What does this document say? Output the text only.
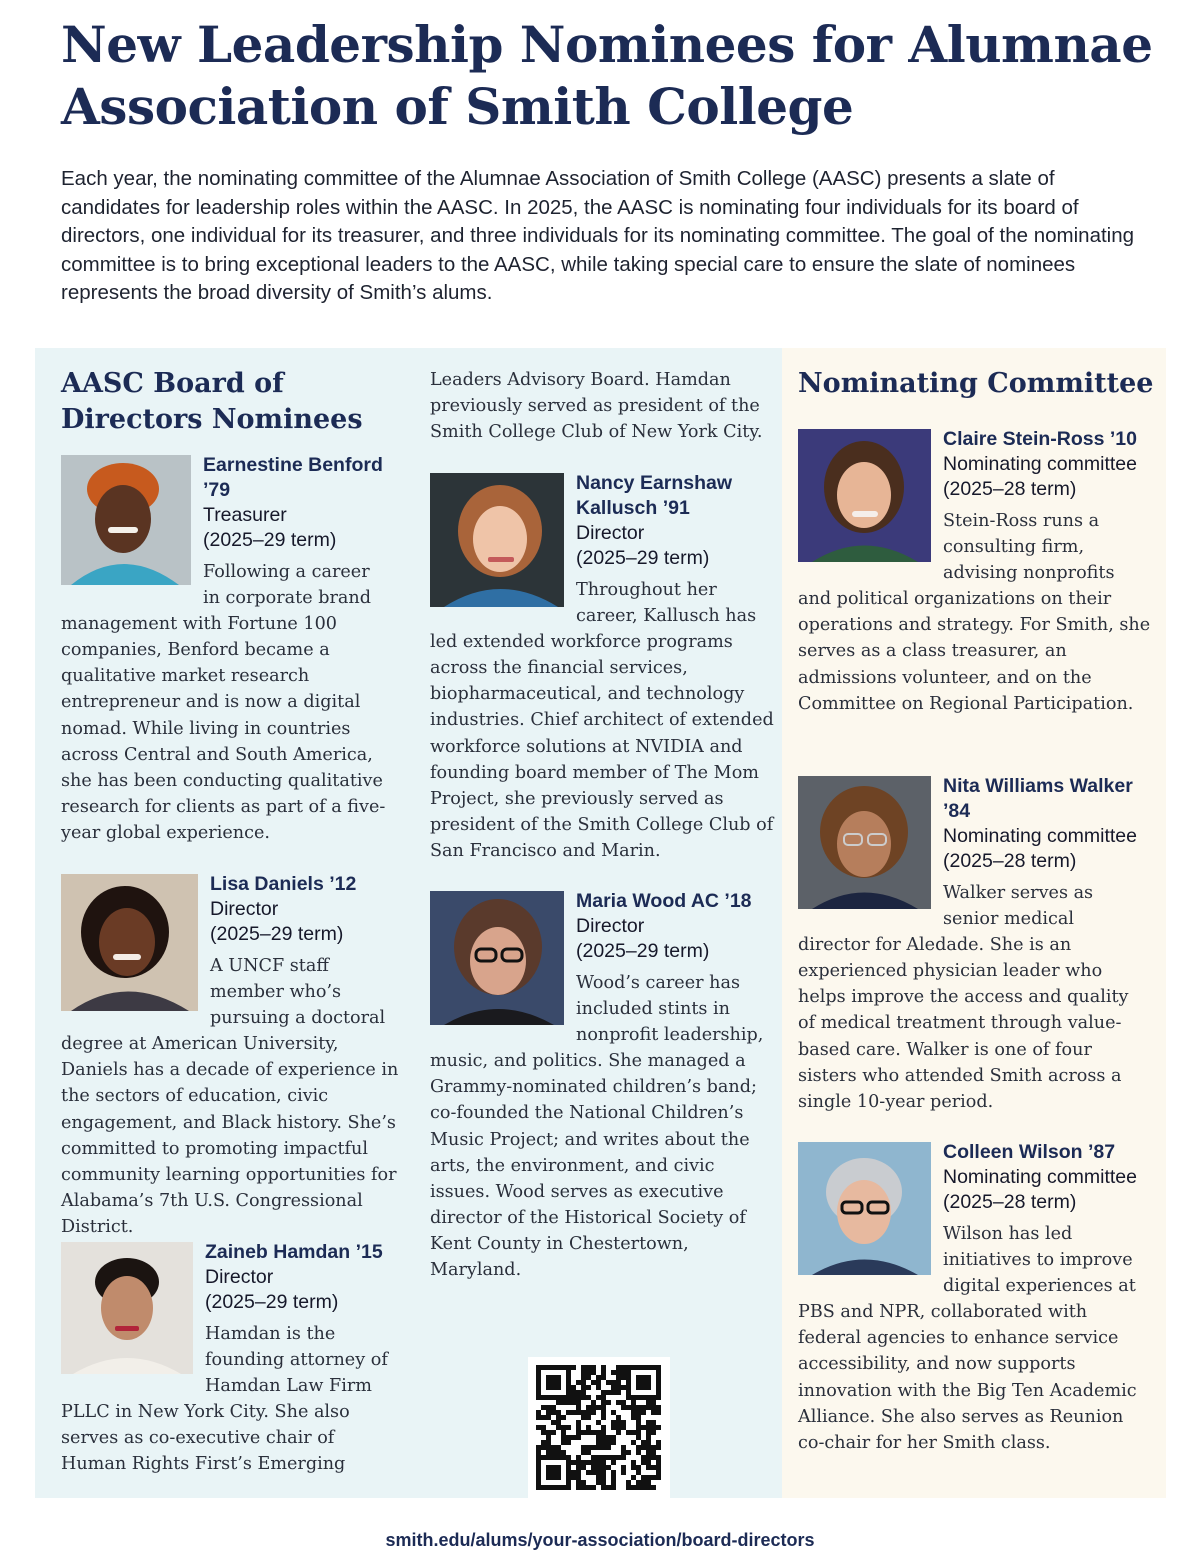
New Leadership Nominees for Alumnae Association of Smith College

Each year, the nominating committee of the Alumnae Association of Smith College (AASC) presents a slate of candidates for leadership roles within the AASC. In 2025, the AASC is nominating four individuals for its board of directors, one individual for its treasurer, and three individuals for its nominating committee. The goal of the nominating committee is to bring exceptional leaders to the AASC, while taking special care to ensure the slate of nominees represents the broad diversity of Smith’s alums.

AASC Board of Directors Nominees
Earnestine Benford ’79
Treasurer
(2025–29 term)
Following a career in corporate brand management with Fortune 100 companies, Benford became a qualitative market research entrepreneur and is now a digital nomad. While living in countries across Central and South America, she has been conducting qualitative research for clients as part of a five-year global experience.
Lisa Daniels ’12
Director
(2025–29 term)
A UNCF staff member who’s pursuing a doctoral degree at American University, Daniels has a decade of experience in the sectors of education, civic engagement, and Black history. She’s committed to promoting impactful community learning opportunities for Alabama’s 7th U.S. Congressional District.
Zaineb Hamdan ’15
Director
(2025–29 term)
Hamdan is the founding attorney of Hamdan Law Firm PLLC in New York City. She also serves as co-executive chair of Human Rights First’s Emerging

Leaders Advisory Board. Hamdan previously served as president of the Smith College Club of New York City.

Nancy Earnshaw Kallusch ’91
Director
(2025–29 term)
Throughout her career, Kallusch has led extended workforce programs across the financial services, biopharmaceutical, and technology industries. Chief architect of extended workforce solutions at NVIDIA and founding board member of The Mom Project, she previously served as president of the Smith College Club of San Francisco and Marin.
Maria Wood AC ’18
Director
(2025–29 term)
Wood’s career has included stints in nonprofit leadership, music, and politics. She managed a Grammy-nominated children’s band; co-founded the National Children’s Music Project; and writes about the arts, the environment, and civic issues. Wood serves as executive director of the Historical Society of Kent County in Chestertown, Maryland.
Nominating Committee
Claire Stein-Ross ’10
Nominating committee
(2025–28 term)
Stein-Ross runs a consulting firm, advising nonprofits and political organizations on their operations and strategy. For Smith, she serves as a class treasurer, an admissions volunteer, and on the Committee on Regional Participation.
Nita Williams Walker ’84
Nominating committee
(2025–28 term)
Walker serves as senior medical director for Aledade. She is an experienced physician leader who helps improve the access and quality of medical treatment through value-based care. Walker is one of four sisters who attended Smith across a single 10-year period.
Colleen Wilson ’87
Nominating committee
(2025–28 term)
Wilson has led initiatives to improve digital experiences at PBS and NPR, collaborated with federal agencies to enhance service accessibility, and now supports innovation with the Big Ten Academic Alliance. She also serves as Reunion co-chair for her Smith class.
smith.edu/alums/your-association/board-directors
